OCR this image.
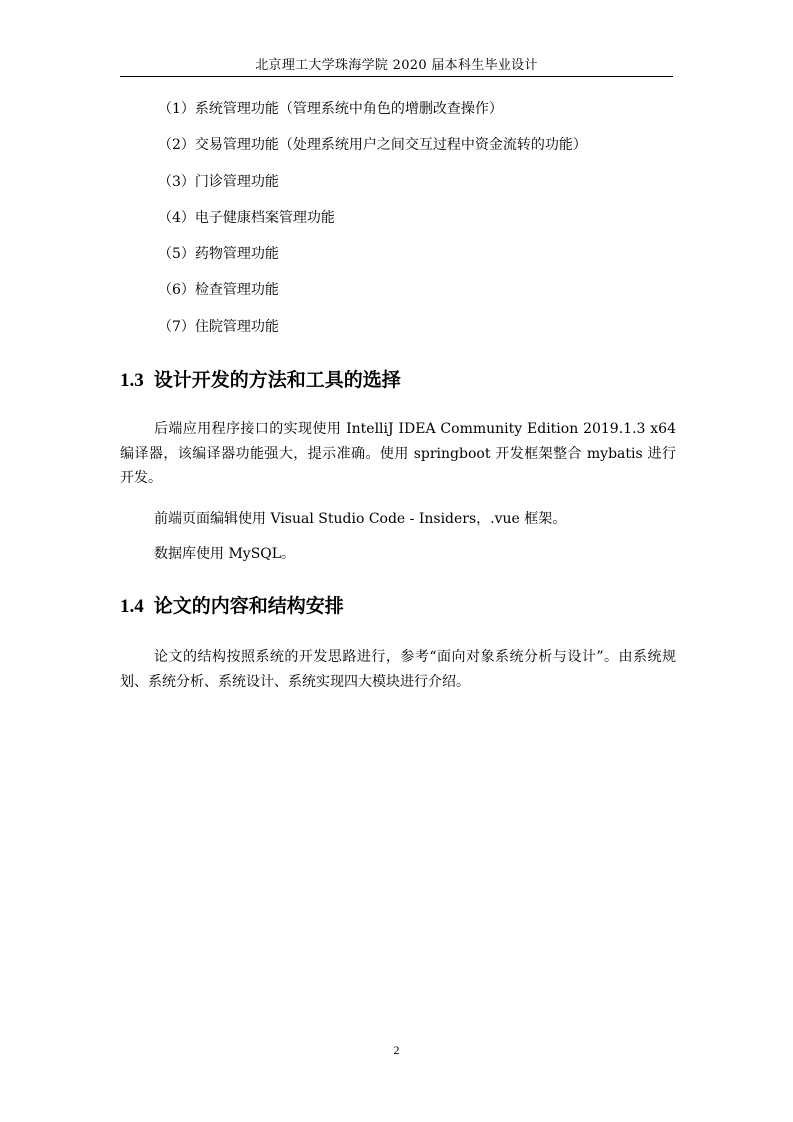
北京理工大学珠海学院 2020 届本科生毕业设计
（1）系统管理功能（管理系统中角色的增删改查操作）
（2）交易管理功能（处理系统用户之间交互过程中资金流转的功能）
（3）门诊管理功能
（4）电子健康档案管理功能
（5）药物管理功能
（6）检查管理功能
（7）住院管理功能
1.3 设计开发的方法和工具的选择

后端应用程序接口的实现使用 IntelliJ IDEA Community Edition 2019.1.3 x64 编译器，该编译器功能强大，提示准确。使用 springboot 开发框架整合 mybatis 进行开发。

前端页面编辑使用 Visual Studio Code - Insiders，.vue 框架。

数据库使用 MySQL。

1.4 论文的内容和结构安排

论文的结构按照系统的开发思路进行，参考“面向对象系统分析与设计”。由系统规划、系统分析、系统设计、系统实现四大模块进行介绍。

2
